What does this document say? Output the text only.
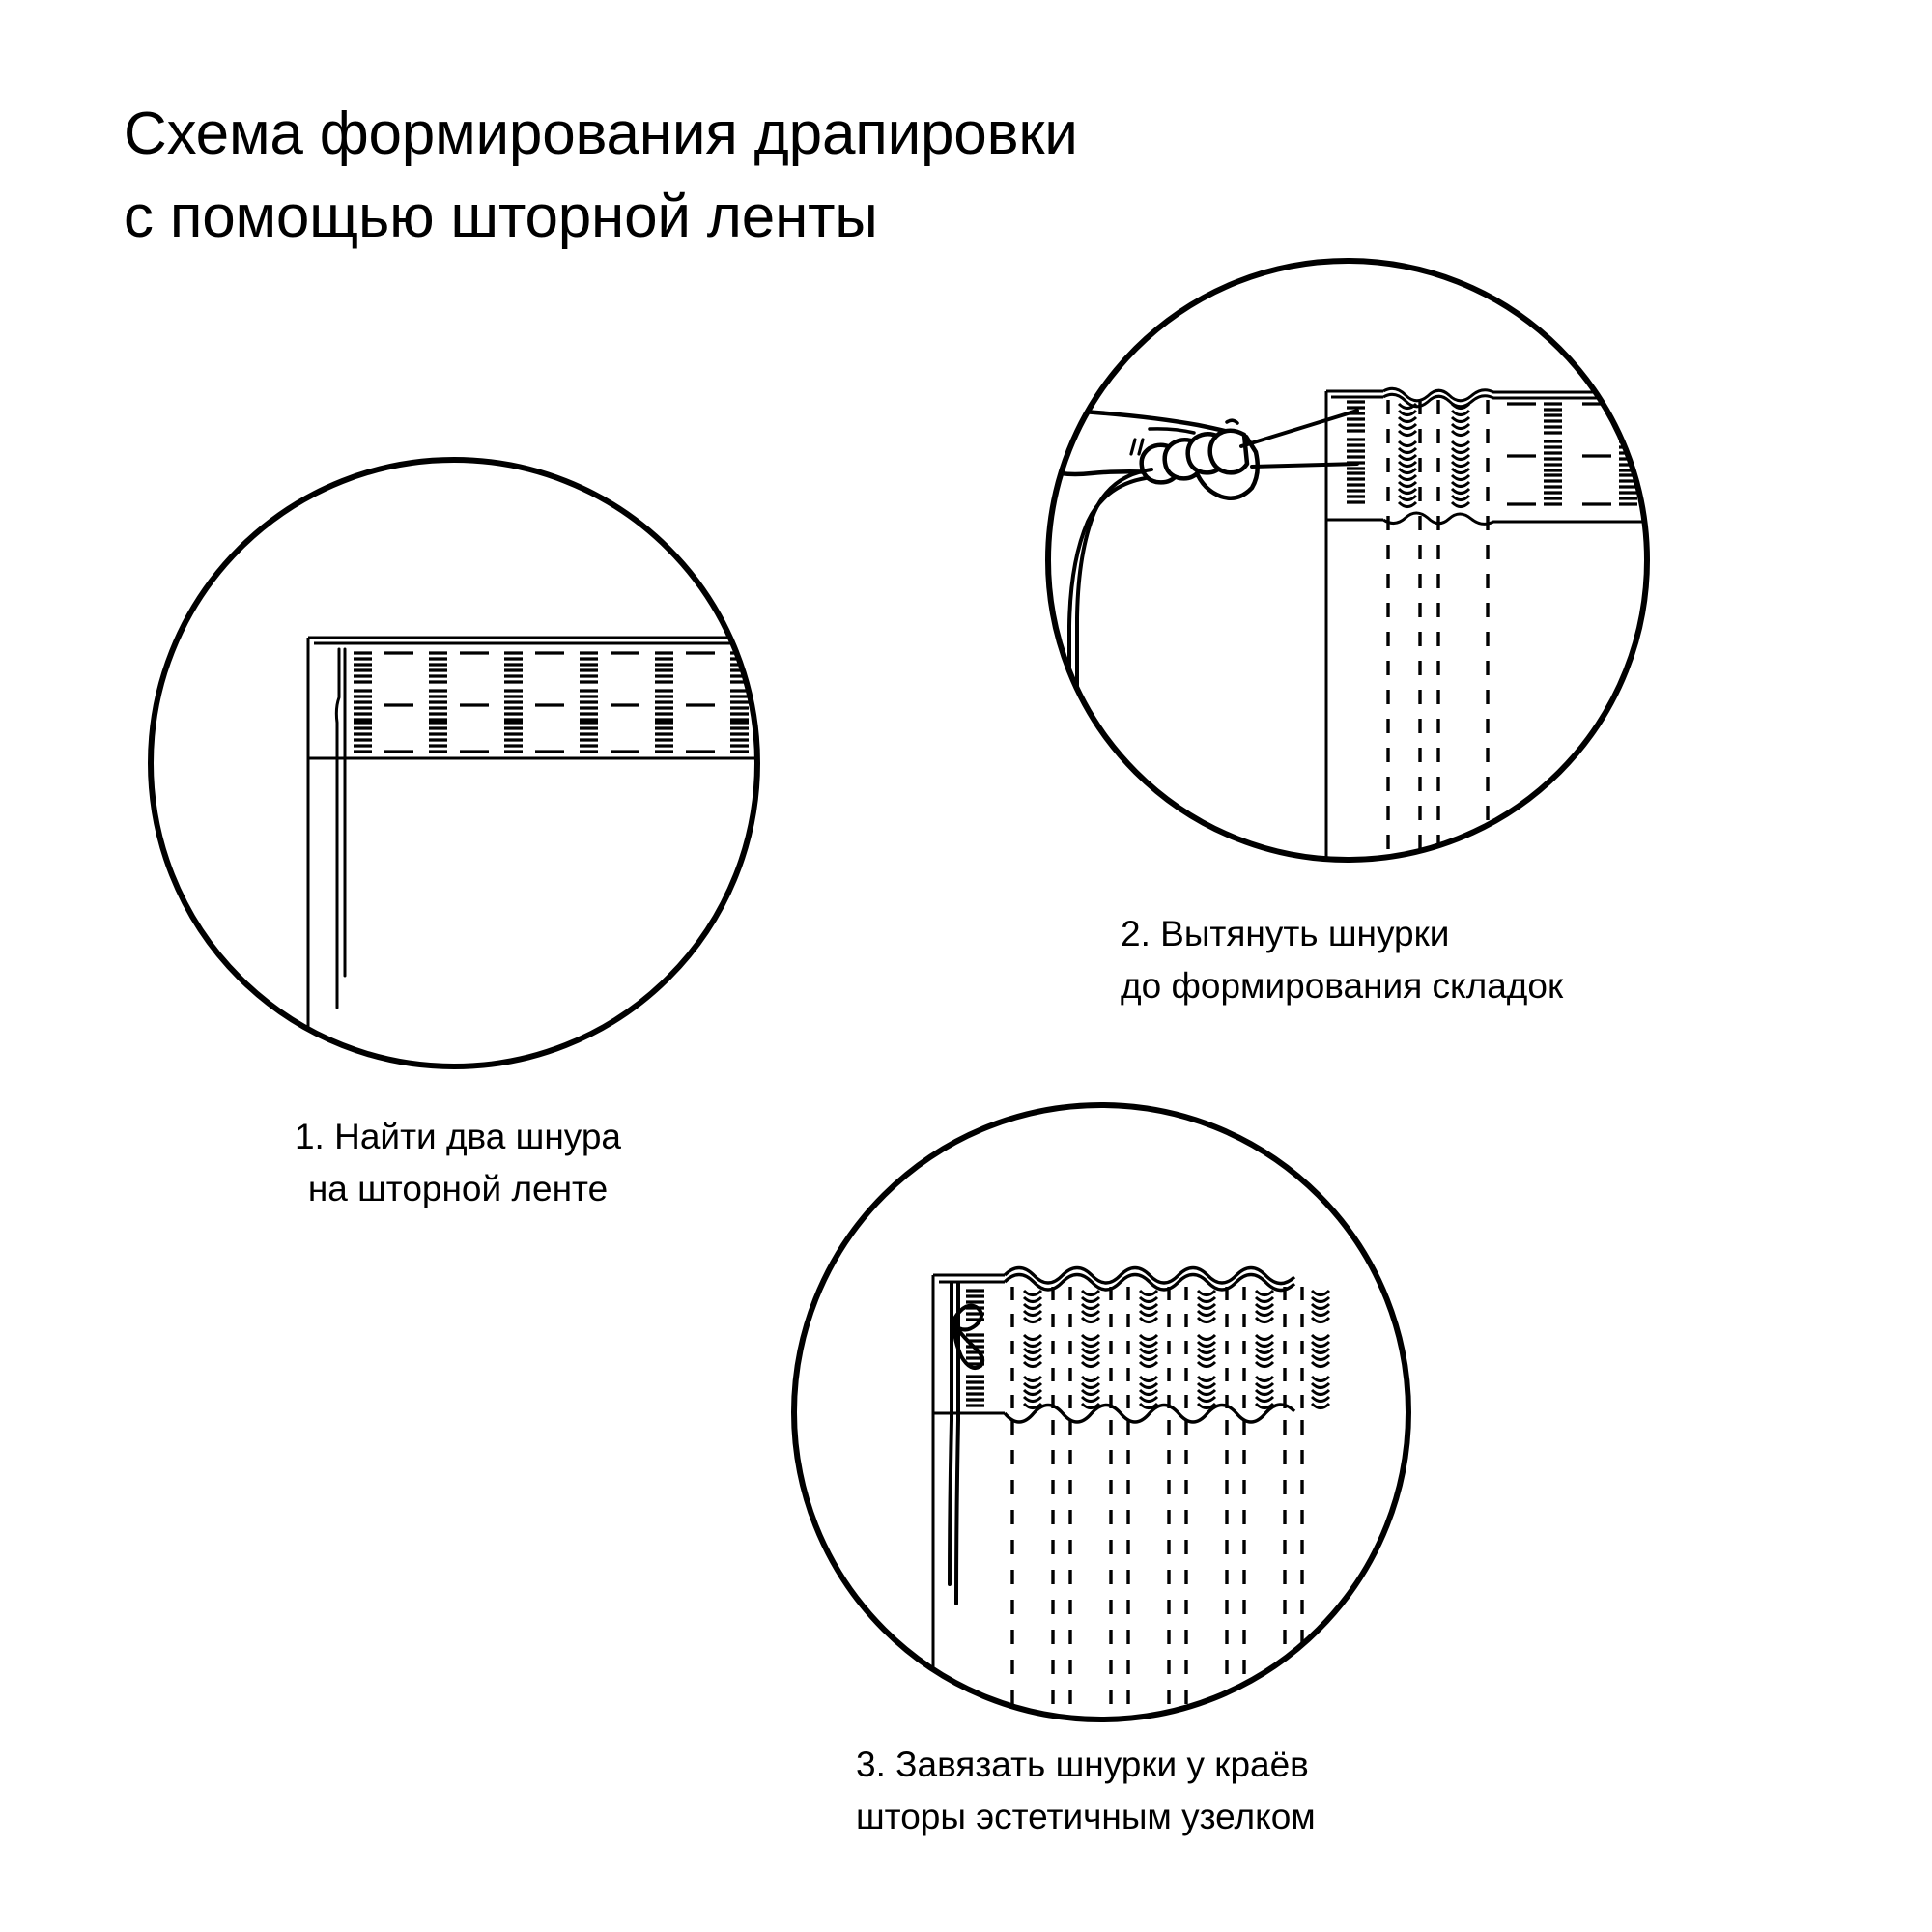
Схема формирования драпировки
с помощью шторной ленты
1. Найти два шнура
на шторной ленте
2. Вытянуть шнурки
до формирования складок
3. Завязать шнурки у краёв
шторы эстетичным узелком
